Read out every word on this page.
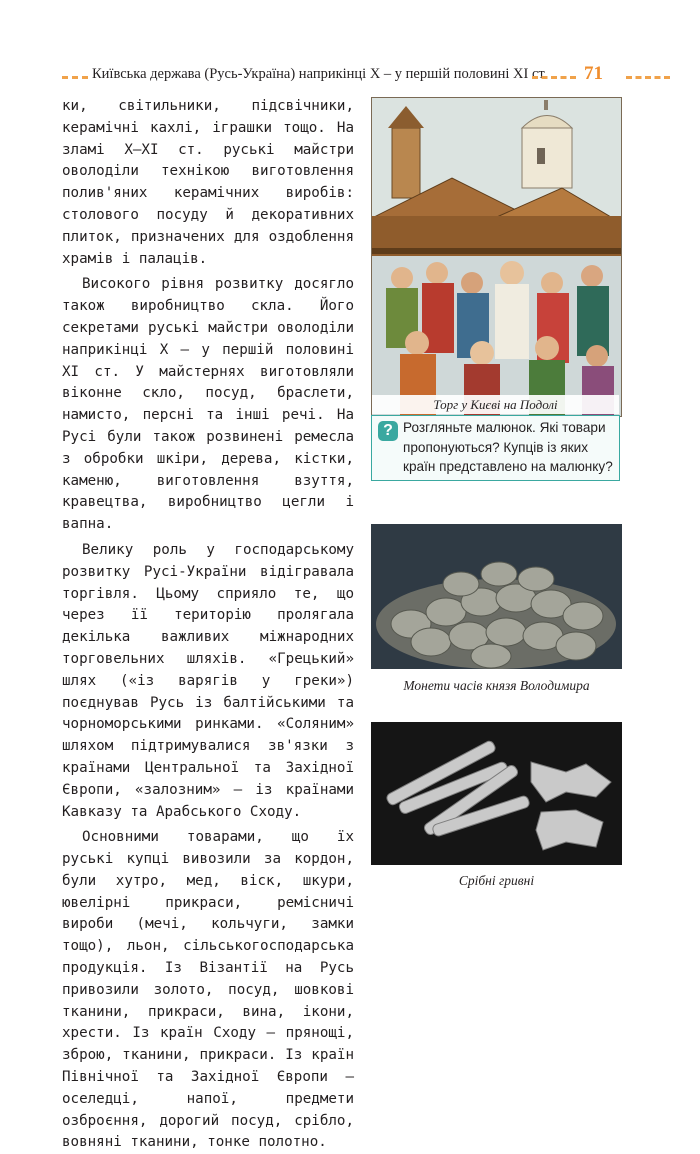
Київська держава (Русь-Україна) наприкінці X – у першій половині XI ст. 71

ки, світильники, підсвічники, керамічні кахлі, іграшки тощо. На зламі X–XI ст. руські майстри оволоділи технікою виготовлення полив'яних керамічних виробів: столового посуду й декоративних плиток, призначених для оздоблення храмів і палаців.

Високого рівня розвитку досягло також виробництво скла. Його секретами руські майстри оволоділи наприкінці X – у першій половині XI ст. У майстернях виготовляли віконне скло, посуд, браслети, намисто, персні та інші речі. На Русі були також розвинені ремесла з обробки шкіри, дерева, кістки, каменю, виготовлення взуття, кравецтва, виробництво цегли і вапна.

Велику роль у господарському розвитку Русі-України відігравала торгівля. Цьому сприяло те, що через її територію пролягала декілька важливих міжнародних торговельних шляхів. «Грецький» шлях («із варягів у греки») поєднував Русь із балтійськими та чорноморськими ринками. «Соляним» шляхом підтримувалися зв'язки з країнами Центральної та Західної Європи, «залозним» — із країнами Кавказу та Арабського Сходу.

Основними товарами, що їх руські купці вивозили за кордон, були хутро, мед, віск, шкури, ювелірні прикраси, ремісничі вироби (мечі, кольчуги, замки тощо), льон, сільськогосподарська продукція. Із Візантії на Русь привозили золото, посуд, шовкові тканини, прикраси, вина, ікони, хрести. Із країн Сходу — прянощі, зброю, тканини, прикраси. Із країн Північної та Західної Європи — оселедці, напої, предмети озброєння, дорогий посуд, срібло, вовняні тканини, тонке полотно.

Торг у Києві на Подолі
? Розгляньте малюнок. Які товари пропонуються? Купців із яких країн представлено на малюнку?
Монети часів князя Володимира
Срібні гривні
